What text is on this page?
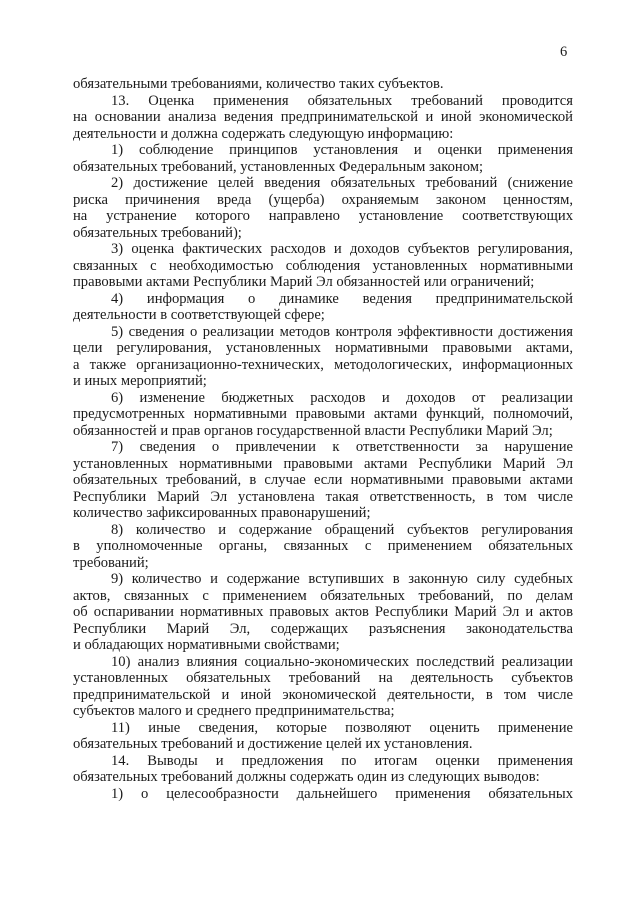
6

обязательными требованиями, количество таких субъектов.

13. Оценка применения обязательных требований проводится
на основании анализа ведения предпринимательской и иной экономической
деятельности и должна содержать следующую информацию:

1) соблюдение принципов установления и оценки применения
обязательных требований, установленных Федеральным законом;

2) достижение целей введения обязательных требований (снижение
риска причинения вреда (ущерба) охраняемым законом ценностям,
на устранение которого направлено установление соответствующих
обязательных требований);

3) оценка фактических расходов и доходов субъектов регулирования,
связанных с необходимостью соблюдения установленных нормативными
правовыми актами Республики Марий Эл обязанностей или ограничений;

4) информация о динамике ведения предпринимательской
деятельности в соответствующей сфере;

5) сведения о реализации методов контроля эффективности достижения
цели регулирования, установленных нормативными правовыми актами,
а также организационно-технических, методологических, информационных
и иных мероприятий;

6) изменение бюджетных расходов и доходов от реализации
предусмотренных нормативными правовыми актами функций, полномочий,
обязанностей и прав органов государственной власти Республики Марий Эл;

7) сведения о привлечении к ответственности за нарушение
установленных нормативными правовыми актами Республики Марий Эл
обязательных требований, в случае если нормативными правовыми актами
Республики Марий Эл установлена такая ответственность, в том числе
количество зафиксированных правонарушений;

8) количество и содержание обращений субъектов регулирования
в уполномоченные органы, связанных с применением обязательных
требований;

9) количество и содержание вступивших в законную силу судебных
актов, связанных с применением обязательных требований, по делам
об оспаривании нормативных правовых актов Республики Марий Эл и актов
Республики Марий Эл, содержащих разъяснения законодательства
и обладающих нормативными свойствами;

10) анализ влияния социально-экономических последствий реализации
установленных обязательных требований на деятельность субъектов
предпринимательской и иной экономической деятельности, в том числе
субъектов малого и среднего предпринимательства;

11) иные сведения, которые позволяют оценить применение
обязательных требований и достижение целей их установления.

14. Выводы и предложения по итогам оценки применения
обязательных требований должны содержать один из следующих выводов:

1) о целесообразности дальнейшего применения обязательных
